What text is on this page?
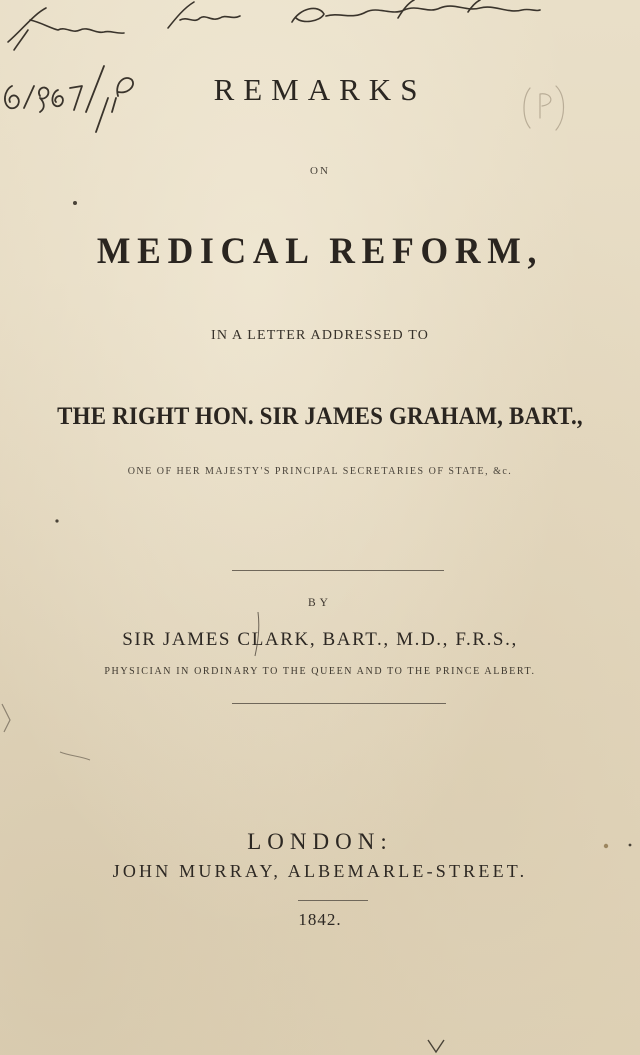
REMARKS
ON
MEDICAL REFORM,
IN A LETTER ADDRESSED TO
THE RIGHT HON. SIR JAMES GRAHAM, BART.,
ONE OF HER MAJESTY'S PRINCIPAL SECRETARIES OF STATE, &c.
BY
SIR JAMES CLARK, BART., M.D., F.R.S.,
PHYSICIAN IN ORDINARY TO THE QUEEN AND TO THE PRINCE ALBERT.
LONDON:
JOHN MURRAY, ALBEMARLE-STREET.
1842.
